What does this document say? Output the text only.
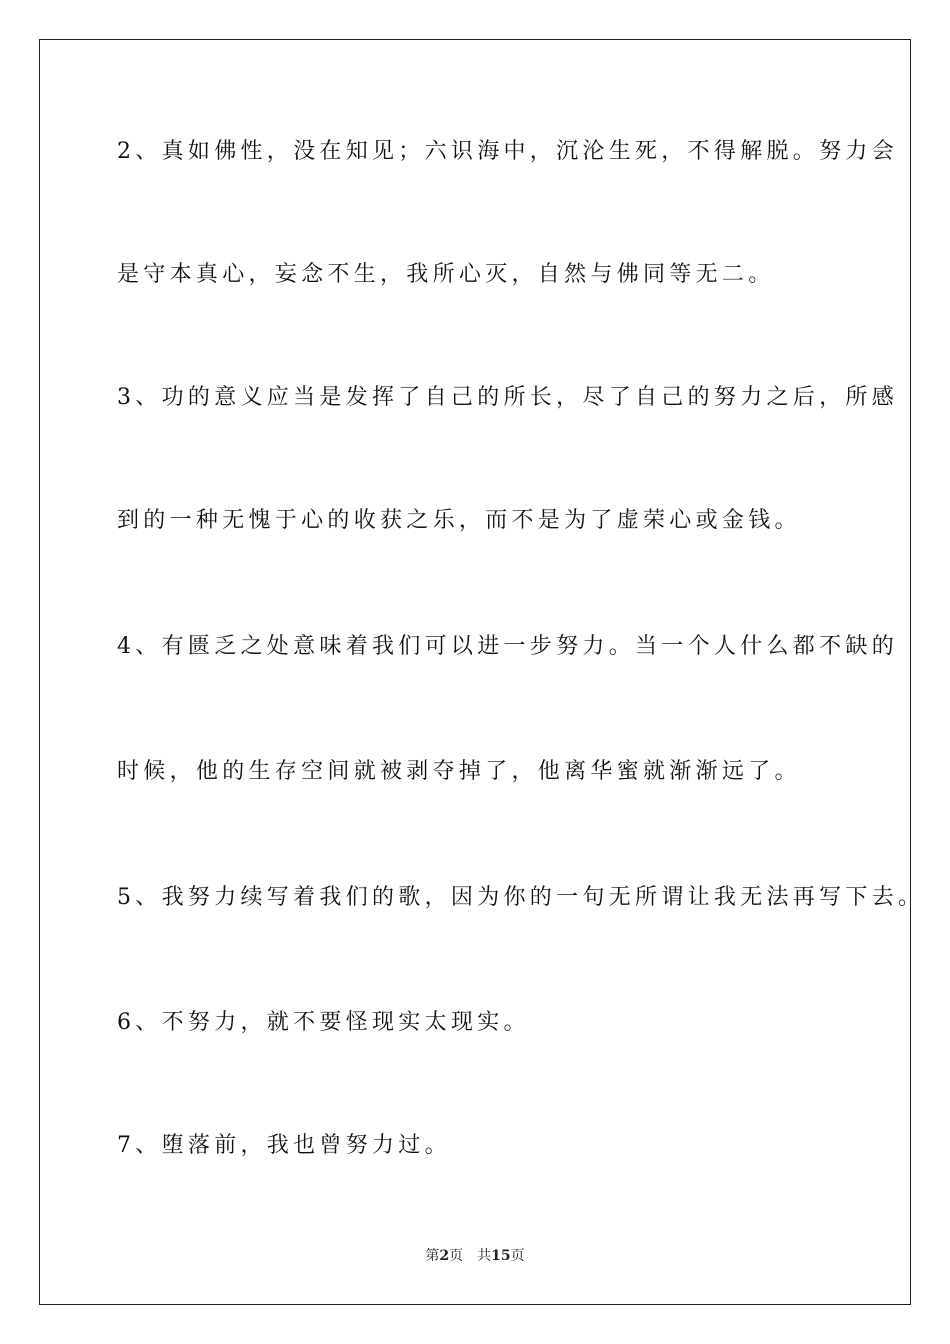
2、真如佛性，没在知见；六识海中，沉沦生死，不得解脱。努力会
是守本真心，妄念不生，我所心灭，自然与佛同等无二。
3、功的意义应当是发挥了自己的所长，尽了自己的努力之后，所感
到的一种无愧于心的收获之乐，而不是为了虚荣心或金钱。
4、有匮乏之处意味着我们可以进一步努力。当一个人什么都不缺的
时候，他的生存空间就被剥夺掉了，他离华蜜就渐渐远了。
5、我努力续写着我们的歌，因为你的一句无所谓让我无法再写下去。
6、不努力，就不要怪现实太现实。
7、堕落前，我也曾努力过。
第2页　共15页
